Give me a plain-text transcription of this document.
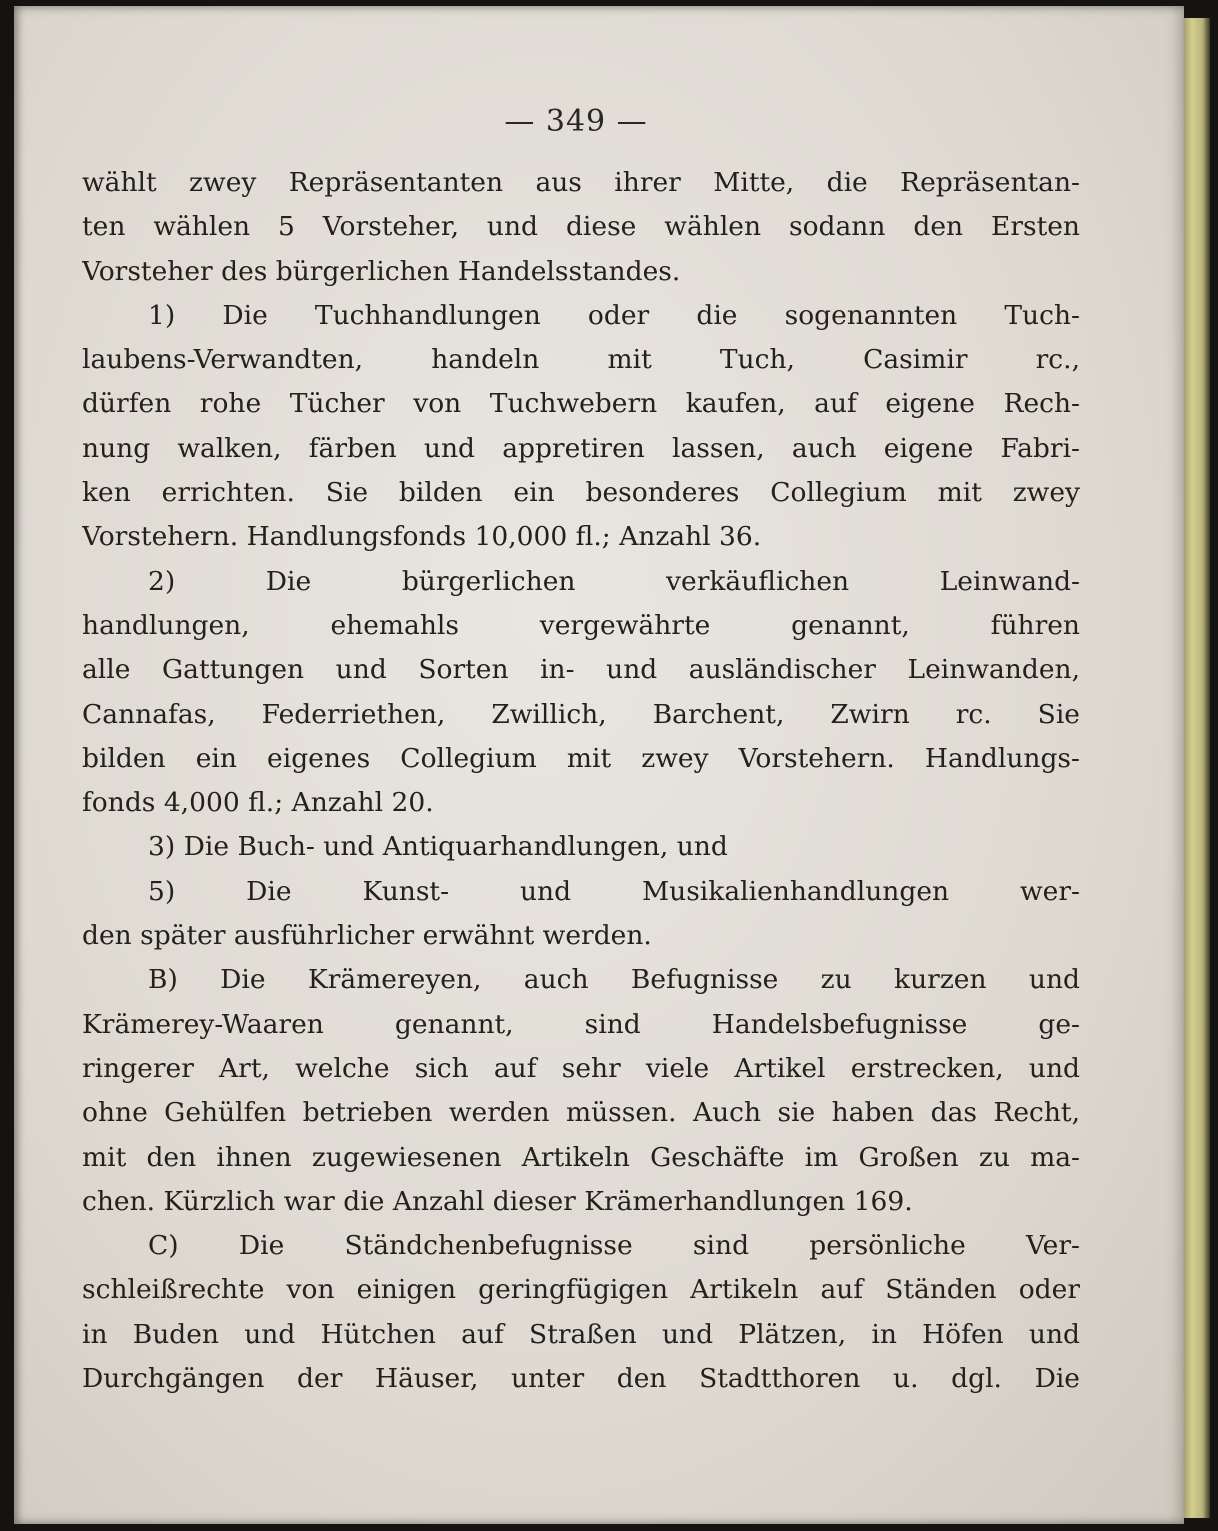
— 349 —
wählt zwey Repräsentanten aus ihrer Mitte, die Repräsentan-
ten wählen 5 Vorsteher, und diese wählen sodann den Ersten
Vorsteher des bürgerlichen Handelsstandes.
1) Die Tuchhandlungen oder die sogenannten Tuch-
laubens-Verwandten, handeln mit Tuch, Casimir rc.,
dürfen rohe Tücher von Tuchwebern kaufen, auf eigene Rech-
nung walken, färben und appretiren lassen, auch eigene Fabri-
ken errichten. Sie bilden ein besonderes Collegium mit zwey
Vorstehern. Handlungsfonds 10,000 fl.; Anzahl 36.
2) Die bürgerlichen verkäuflichen Leinwand-
handlungen, ehemahls vergewährte genannt, führen
alle Gattungen und Sorten in- und ausländischer Leinwanden,
Cannafas, Federriethen, Zwillich, Barchent, Zwirn rc. Sie
bilden ein eigenes Collegium mit zwey Vorstehern. Handlungs-
fonds 4,000 fl.; Anzahl 20.
3) Die Buch- und Antiquarhandlungen, und
5) Die Kunst- und Musikalienhandlungen wer-
den später ausführlicher erwähnt werden.
B) Die Krämereyen, auch Befugnisse zu kurzen und
Krämerey-Waaren genannt, sind Handelsbefugnisse ge-
ringerer Art, welche sich auf sehr viele Artikel erstrecken, und
ohne Gehülfen betrieben werden müssen. Auch sie haben das Recht,
mit den ihnen zugewiesenen Artikeln Geschäfte im Großen zu ma-
chen. Kürzlich war die Anzahl dieser Krämerhandlungen 169.
C) Die Ständchenbefugnisse sind persönliche Ver-
schleißrechte von einigen geringfügigen Artikeln auf Ständen oder
in Buden und Hütchen auf Straßen und Plätzen, in Höfen und
Durchgängen der Häuser, unter den Stadtthoren u. dgl. Die
